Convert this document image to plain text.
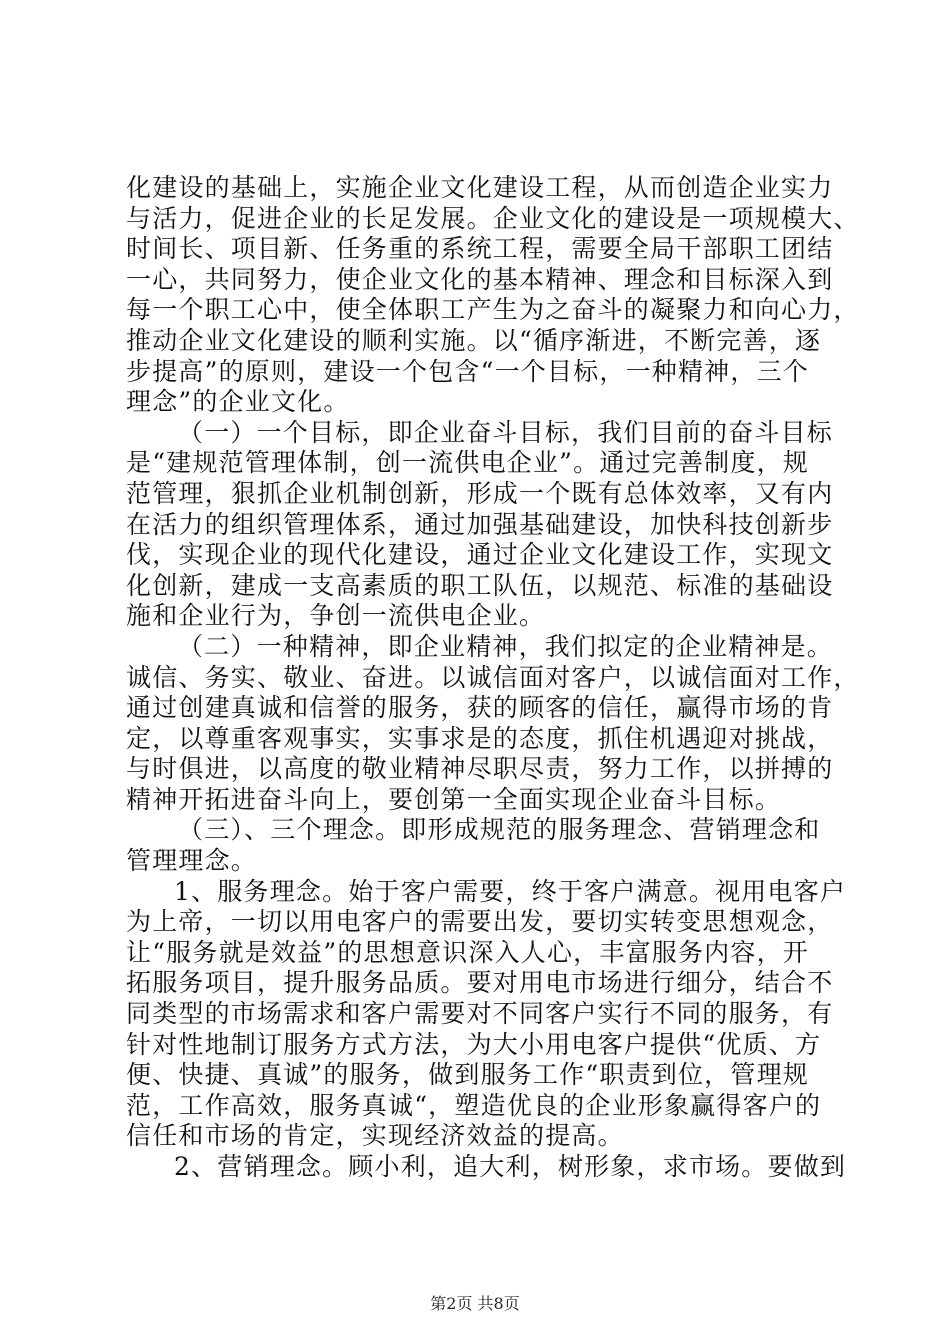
化建设的基础上，实施企业文化建设工程，从而创造企业实力
与活力，促进企业的长足发展。企业文化的建设是一项规模大、
时间长、项目新、任务重的系统工程，需要全局干部职工团结
一心，共同努力，使企业文化的基本精神、理念和目标深入到
每一个职工心中，使全体职工产生为之奋斗的凝聚力和向心力，
推动企业文化建设的顺利实施。以“循序渐进，不断完善，逐
步提高”的原则，建设一个包含“一个目标，一种精神，三个
理念”的企业文化。
（一）一个目标，即企业奋斗目标，我们目前的奋斗目标
是“建规范管理体制，创一流供电企业”。通过完善制度，规
范管理，狠抓企业机制创新，形成一个既有总体效率，又有内
在活力的组织管理体系，通过加强基础建设，加快科技创新步
伐，实现企业的现代化建设，通过企业文化建设工作，实现文
化创新，建成一支高素质的职工队伍，以规范、标准的基础设
施和企业行为，争创一流供电企业。
（二）一种精神，即企业精神，我们拟定的企业精神是。
诚信、务实、敬业、奋进。以诚信面对客户，以诚信面对工作，
通过创建真诚和信誉的服务，获的顾客的信任，赢得市场的肯
定，以尊重客观事实，实事求是的态度，抓住机遇迎对挑战，
与时俱进，以高度的敬业精神尽职尽责，努力工作，以拼搏的
精神开拓进奋斗向上，要创第一全面实现企业奋斗目标。
（三）、三个理念。即形成规范的服务理念、营销理念和
管理理念。
1、服务理念。始于客户需要，终于客户满意。视用电客户
为上帝，一切以用电客户的需要出发，要切实转变思想观念，
让“服务就是效益”的思想意识深入人心，丰富服务内容，开
拓服务项目，提升服务品质。要对用电市场进行细分，结合不
同类型的市场需求和客户需要对不同客户实行不同的服务，有
针对性地制订服务方式方法，为大小用电客户提供“优质、方
便、快捷、真诚”的服务，做到服务工作“职责到位，管理规
范，工作高效，服务真诚“，塑造优良的企业形象赢得客户的
信任和市场的肯定，实现经济效益的提高。
2、营销理念。顾小利，追大利，树形象，求市场。要做到
第2页 共8页
